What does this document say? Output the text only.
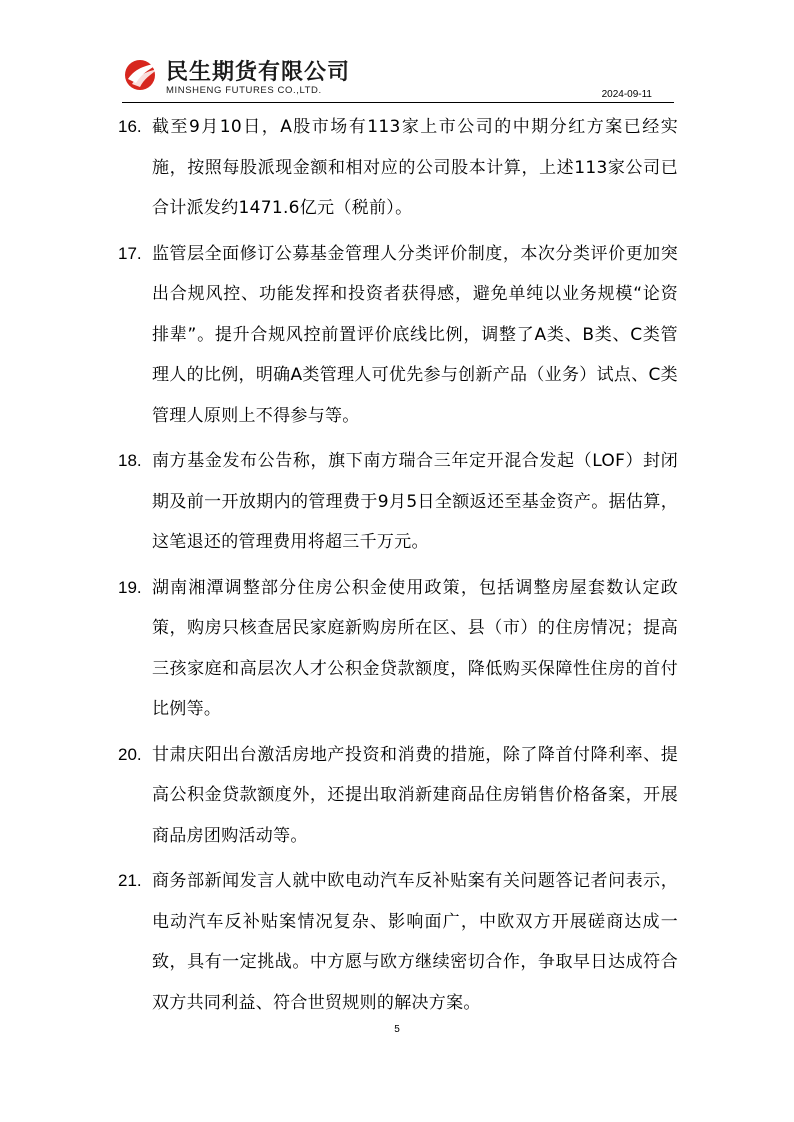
民生期货有限公司
MINSHENG FUTURES CO.,LTD.	2024-09-11
16. 截至9月10日，A股市场有113家上市公司的中期分红方案已经实施，按照每股派现金额和相对应的公司股本计算，上述113家公司已合计派发约1471.6亿元（税前）。
17. 监管层全面修订公募基金管理人分类评价制度，本次分类评价更加突出合规风控、功能发挥和投资者获得感，避免单纯以业务规模“论资排辈”。提升合规风控前置评价底线比例，调整了A类、B类、C类管理人的比例，明确A类管理人可优先参与创新产品（业务）试点、C类管理人原则上不得参与等。
18. 南方基金发布公告称，旗下南方瑞合三年定开混合发起（LOF）封闭期及前一开放期内的管理费于9月5日全额返还至基金资产。据估算，这笔退还的管理费用将超三千万元。
19. 湖南湘潭调整部分住房公积金使用政策，包括调整房屋套数认定政策，购房只核查居民家庭新购房所在区、县（市）的住房情况；提高三孩家庭和高层次人才公积金贷款额度，降低购买保障性住房的首付比例等。
20. 甘肃庆阳出台激活房地产投资和消费的措施，除了降首付降利率、提高公积金贷款额度外，还提出取消新建商品住房销售价格备案，开展商品房团购活动等。
21. 商务部新闻发言人就中欧电动汽车反补贴案有关问题答记者问表示，电动汽车反补贴案情况复杂、影响面广，中欧双方开展磋商达成一致，具有一定挑战。中方愿与欧方继续密切合作，争取早日达成符合双方共同利益、符合世贸规则的解决方案。
5
